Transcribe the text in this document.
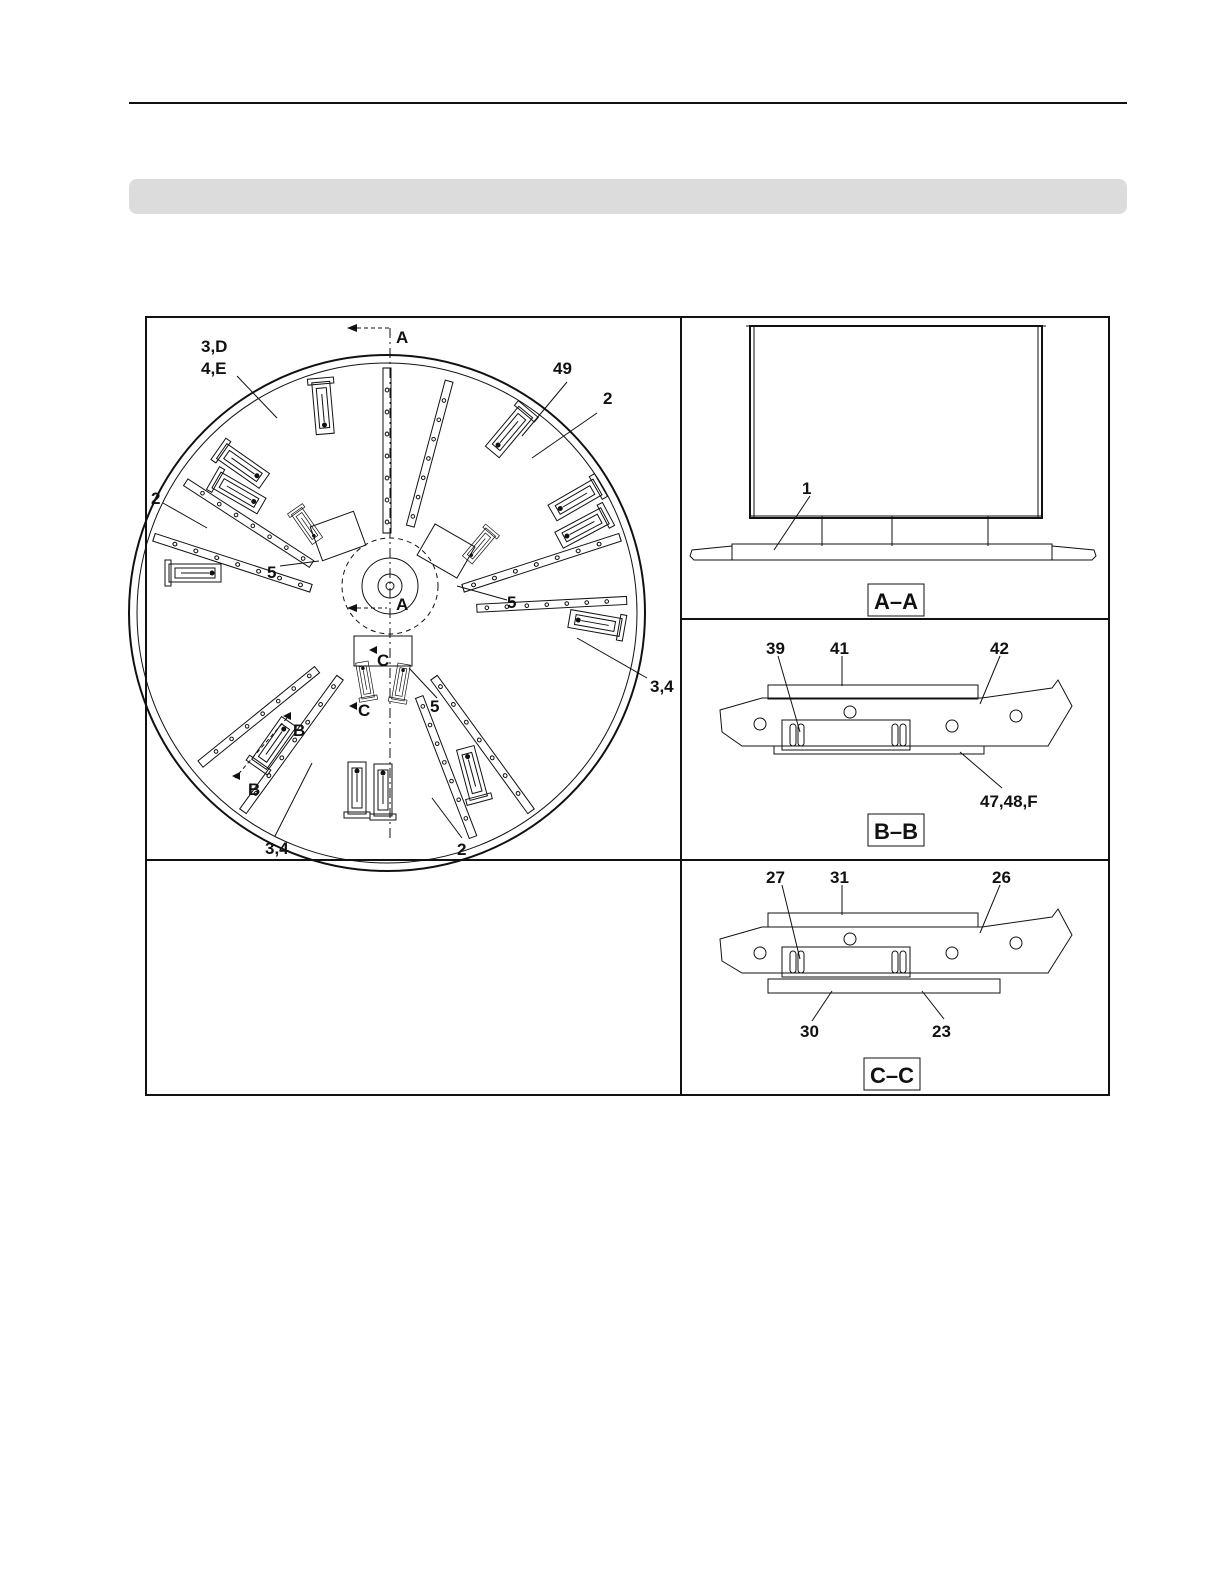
3,D
4,E	49
2
2
5
5
5
3,4
3,4	2
A
A
C
C
B
B
1
A–A
39	41	42
47,48,F
B–B
27	31	26
30	23
C–C
